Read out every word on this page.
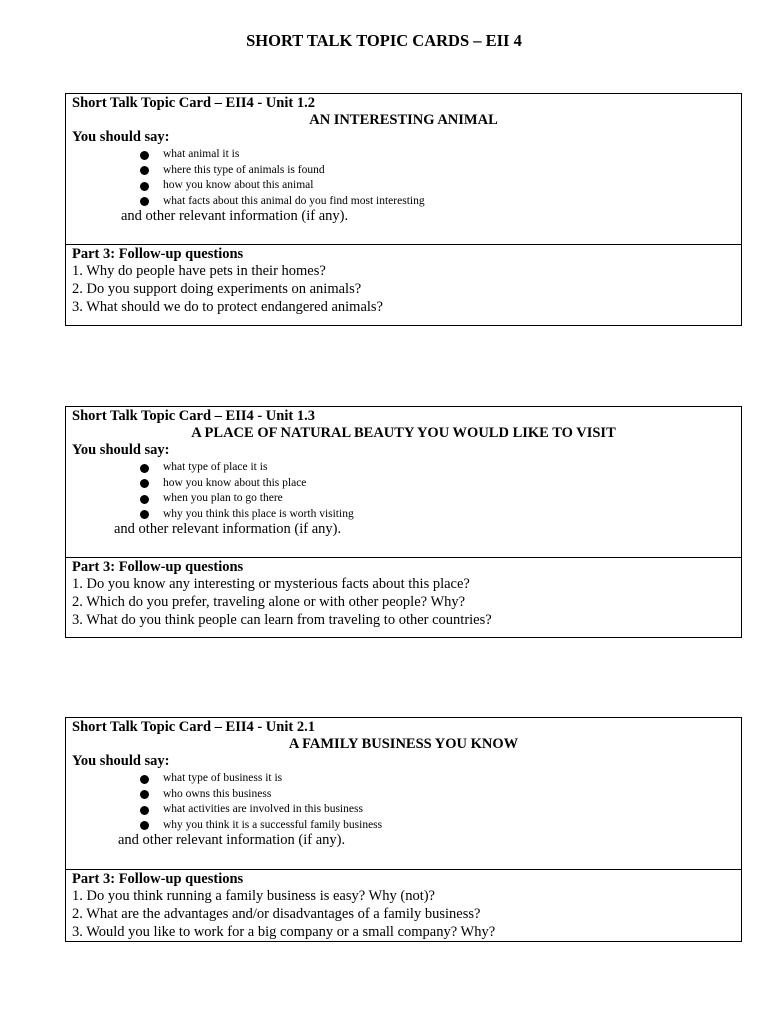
SHORT TALK TOPIC CARDS – EII 4
Short Talk Topic Card – EII4 - Unit 1.2
AN INTERESTING ANIMAL
You should say:
what animal it is
where this type of animals is found
how you know about this animal
what facts about this animal do you find most interesting
and other relevant information (if any).
Part 3: Follow-up questions
1. Why do people have pets in their homes?
2. Do you support doing experiments on animals?
3. What should we do to protect endangered animals?
Short Talk Topic Card – EII4 - Unit 1.3
A PLACE OF NATURAL BEAUTY YOU WOULD LIKE TO VISIT
You should say:
what type of place it is
how you know about this place
when you plan to go there
why you think this place is worth visiting
and other relevant information (if any).
Part 3: Follow-up questions
1. Do you know any interesting or mysterious facts about this place?
2. Which do you prefer, traveling alone or with other people? Why?
3. What do you think people can learn from traveling to other countries?
Short Talk Topic Card – EII4 - Unit 2.1
A FAMILY BUSINESS YOU KNOW
You should say:
what type of business it is
who owns this business
what activities are involved in this business
why you think it is a successful family business
and other relevant information (if any).
Part 3: Follow-up questions
1. Do you think running a family business is easy? Why (not)?
2. What are the advantages and/or disadvantages of a family business?
3. Would you like to work for a big company or a small company? Why?
